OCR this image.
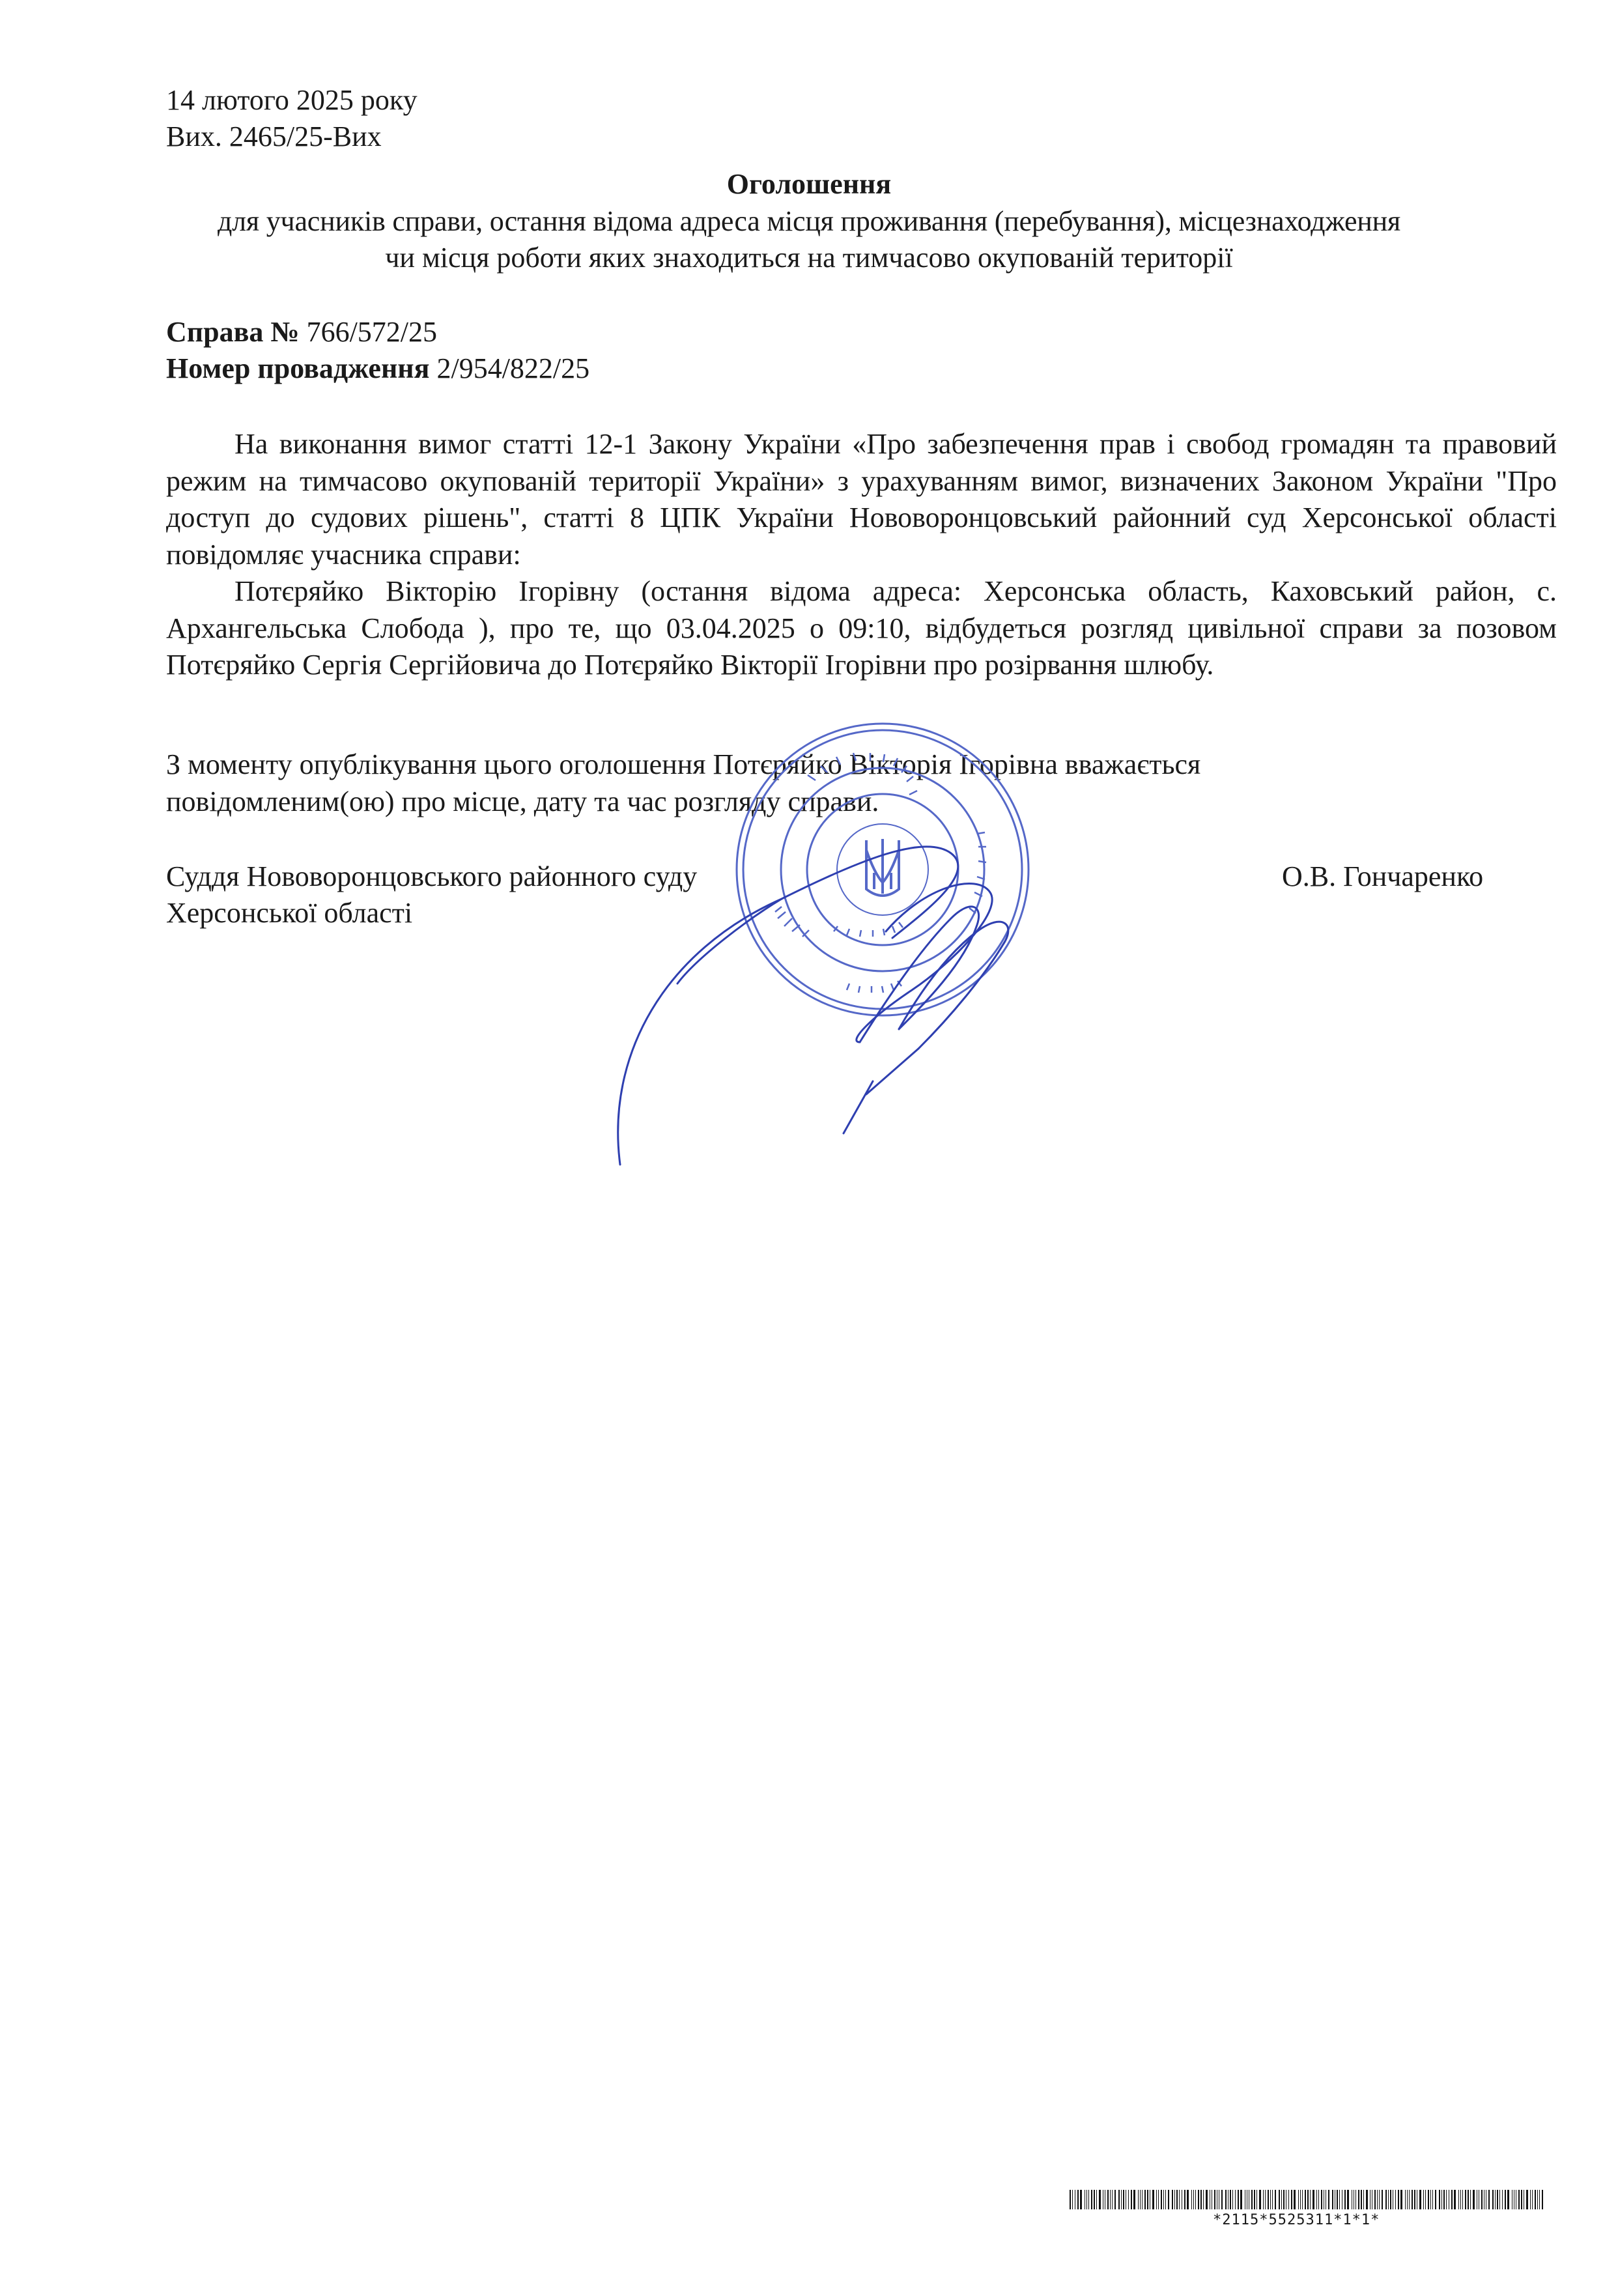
14 лютого 2025 року
Вих. 2465/25-Вих
Оголошення
для учасників справи, остання відома адреса місця проживання (перебування), місцезнаходження
чи місця роботи яких знаходиться на тимчасово окупованій території
Справа № 766/572/25
Номер провадження 2/954/822/25
На виконання вимог статті 12-1 Закону України «Про забезпечення прав і свобод громадян та правовий режим на тимчасово окупованій території України» з урахуванням вимог, визначених Законом України "Про доступ до судових рішень", статті 8 ЦПК України Нововоронцовський районний суд Херсонської області повідомляє учасника справи:
Потєряйко Вікторію Ігорівну (остання відома адреса: Херсонська область, Каховський район, с. Архангельська Слобода ), про те, що 03.04.2025 о 09:10, відбудеться розгляд цивільної справи за позовом Потєряйко Сергія Сергійовича до Потєряйко Вікторії Ігорівни про розірвання шлюбу.
З моменту опублікування цього оголошення Потєряйко Вікторія Ігорівна вважається
повідомленим(ою) про місце, дату та час розгляду справи.
Суддя Нововоронцовського районного суду
Херсонської області
О.В. Гончаренко
*2115*5525311*1*1*
